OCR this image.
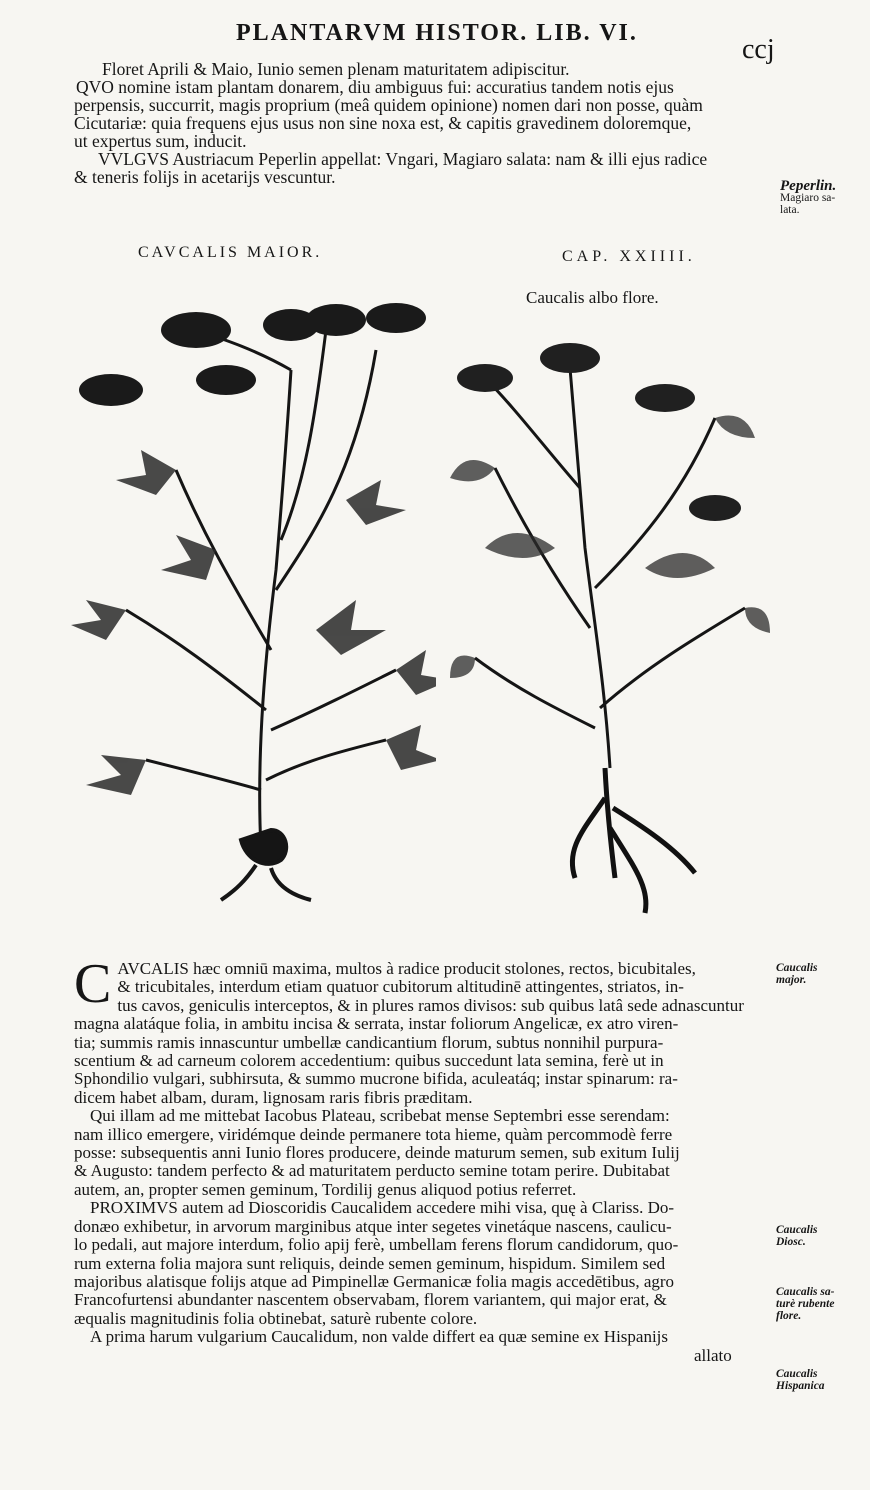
PLANTARVM HISTOR. LIB. VI.
ccj

Floret Aprili & Maio, Iunio semen plenam maturitatem adipiscitur.

QVO nomine istam plantam donarem, diu ambiguus fui: accuratius tandem notis ejus

perpensis, succurrit, magis proprium (meâ quidem opinione) nomen dari non posse, quàm

Cicutariæ: quia frequens ejus usus non sine noxa est, & capitis gravedinem doloremque,

ut expertus sum, inducit.

VVLGVS Austriacum Peperlin appellat: Vngari, Magiaro salata: nam & illi ejus radice

& teneris folijs in acetarijs vescuntur.	Peperlin.

Magiaro sa-

lata.

CAVCALIS MAIOR.	CAP. XXIIII.
Caucalis albo flore.
C AVCALIS hæc omniū maxima, multos à radice producit stolones, rectos, bicubitales,

& tricubitales, interdum etiam quatuor cubitorum altitudinē attingentes, striatos, in-

tus cavos, geniculis interceptos, & in plures ramos divisos: sub quibus latâ sede adnascuntur

magna alatáque folia, in ambitu incisa & serrata, instar foliorum Angelicæ, ex atro viren-

tia; summis ramis innascuntur umbellæ candicantium florum, subtus nonnihil purpura-

scentium & ad carneum colorem accedentium: quibus succedunt lata semina, ferè ut in

Sphondilio vulgari, subhirsuta, & summo mucrone bifida, aculeatáq; instar spinarum: ra-

dicem habet albam, duram, lignosam raris fibris præditam.

Qui illam ad me mittebat Iacobus Plateau, scribebat mense Septembri esse serendam:

nam illico emergere, viridémque deinde permanere tota hieme, quàm percommodè ferre

posse: subsequentis anni Iunio flores producere, deinde maturum semen, sub exitum Iulij

& Augusto: tandem perfecto & ad maturitatem perducto semine totam perire. Dubitabat

autem, an, propter semen geminum, Tordilij genus aliquod potius referret.

PROXIMVS autem ad Dioscoridis Caucalidem accedere mihi visa, quę à Clariss. Do-

donæo exhibetur, in arvorum marginibus atque inter segetes vinetáque nascens, caulicu-

lo pedali, aut majore interdum, folio apij ferè, umbellam ferens florum candidorum, quo-

rum externa folia majora sunt reliquis, deinde semen geminum, hispidum. Similem sed

majoribus alatisque folijs atque ad Pimpinellæ Germanicæ folia magis accedētibus, agro

Francofurtensi abundanter nascentem observabam, florem variantem, qui major erat, &

æqualis magnitudinis folia obtinebat, saturè rubente colore.

A prima harum vulgarium Caucalidum, non valde differt ea quæ semine ex Hispanijs

allato

Caucalis

major.

Caucalis

Diosc.

Caucalis sa-

turè rubente

flore.

Caucalis

Hispanica
